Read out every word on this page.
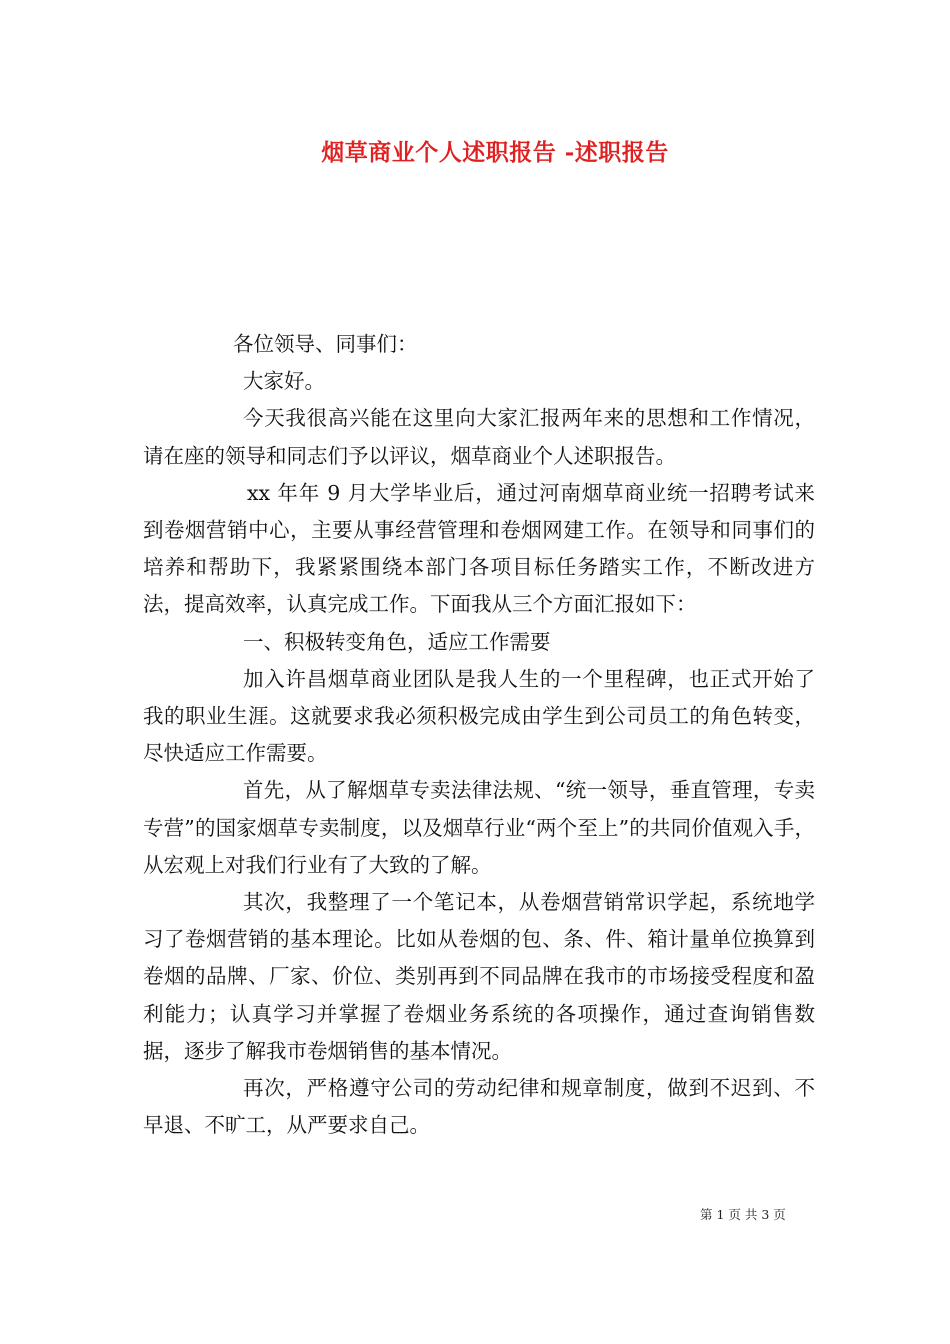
烟草商业个人述职报告 -述职报告

各位领导、同事们：

大家好。

今天我很高兴能在这里向大家汇报两年来的思想和工作情况，请在座的领导和同志们予以评议，烟草商业个人述职报告。

xx 年年 9 月大学毕业后，通过河南烟草商业统一招聘考试来到卷烟营销中心，主要从事经营管理和卷烟网建工作。在领导和同事们的培养和帮助下，我紧紧围绕本部门各项目标任务踏实工作，不断改进方法，提高效率，认真完成工作。下面我从三个方面汇报如下：

一、积极转变角色，适应工作需要

加入许昌烟草商业团队是我人生的一个里程碑，也正式开始了我的职业生涯。这就要求我必须积极完成由学生到公司员工的角色转变，尽快适应工作需要。

首先，从了解烟草专卖法律法规、“统一领导，垂直管理，专卖专营”的国家烟草专卖制度，以及烟草行业“两个至上”的共同价值观入手，从宏观上对我们行业有了大致的了解。

其次，我整理了一个笔记本，从卷烟营销常识学起，系统地学习了卷烟营销的基本理论。比如从卷烟的包、条、件、箱计量单位换算到卷烟的品牌、厂家、价位、类别再到不同品牌在我市的市场接受程度和盈利能力；认真学习并掌握了卷烟业务系统的各项操作，通过查询销售数据，逐步了解我市卷烟销售的基本情况。

再次，严格遵守公司的劳动纪律和规章制度，做到不迟到、不早退、不旷工，从严要求自己。

第 1 页 共 3 页
